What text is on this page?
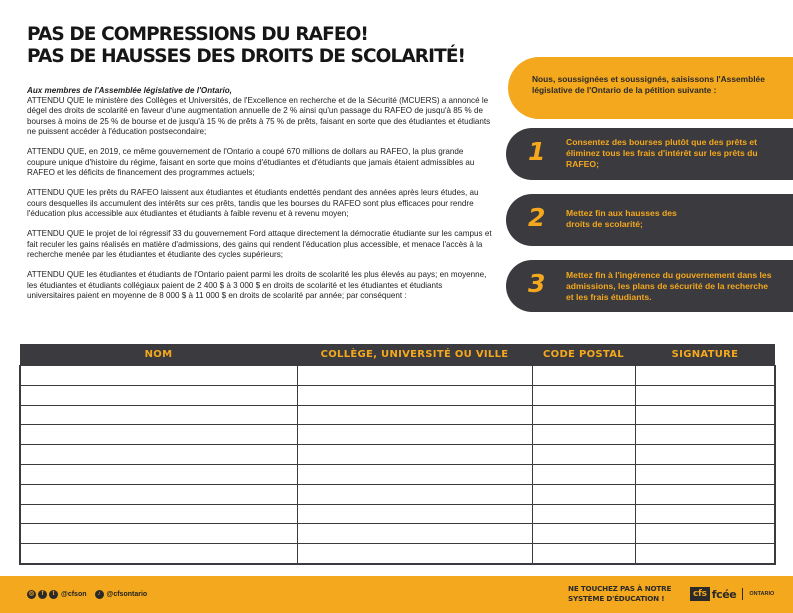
PAS DE COMPRESSIONS DU RAFEO!
PAS DE HAUSSES DES DROITS DE SCOLARITÉ!

Aux membres de l'Assemblée législative de l'Ontario,

ATTENDU QUE le ministère des Collèges et Universités, de l'Excellence en recherche et de la Sécurité (MCUERS) a annoncé le dégel des droits de scolarité en faveur d'une augmentation annuelle de 2 % ainsi qu'un passage du RAFEO de jusqu'à 85 % de bourses à moins de 25 % de bourse et de jusqu'à 15 % de prêts à 75 % de prêts, faisant en sorte que des étudiantes et étudiants ne puissent accéder à l'éducation postsecondaire;

ATTENDU QUE, en 2019, ce même gouvernement de l'Ontario a coupé 670 millions de dollars au RAFEO, la plus grande coupure unique d'histoire du régime, faisant en sorte que moins d'étudiantes et d'étudiants que jamais étaient admissibles au RAFEO et les déficits de financement des programmes actuels;

ATTENDU QUE les prêts du RAFEO laissent aux étudiantes et étudiants endettés pendant des années après leurs études, au cours desquelles ils accumulent des intérêts sur ces prêts, tandis que les bourses du RAFEO sont plus efficaces pour rendre l'éducation plus accessible aux étudiantes et étudiants à faible revenu et à revenu moyen;

ATTENDU QUE le projet de loi régressif 33 du gouvernement Ford attaque directement la démocratie étudiante sur les campus et fait reculer les gains réalisés en matière d'admissions, des gains qui rendent l'éducation plus accessible, et menace l'accès à la recherche menée par les étudiantes et étudiante des cycles supérieurs;

ATTENDU QUE les étudiantes et étudiants de l'Ontario paient parmi les droits de scolarité les plus élevés au pays; en moyenne, les étudiantes et étudiants collégiaux paient de 2 400 $ à 3 000 $ en droits de scolarité et les étudiantes et étudiants universitaires paient en moyenne de 8 000 $ à 11 000 $ en droits de scolarité par année; par conséquent :

Nous, soussignées et soussignés, saisissons l'Assemblée législative de l'Ontario de la pétition suivante :
1 Consentez des bourses plutôt que des prêts et éliminez tous les frais d'intérêt sur les prêts du RAFEO;
2 Mettez fin aux hausses des droits de scolarité;
3 Mettez fin à l'ingérence du gouvernement dans les admissions, les plans de sécurité de la recherche et les frais étudiants.
NOM	COLLÈGE, UNIVERSITÉ OU VILLE	CODE POSTAL	SIGNATURE

◎	f	t @cfson	♪ @cfsontario
NE TOUCHEZ PAS À NOTRE
SYSTÈME D'ÉDUCATION !	cfs fcée ONTARIO
